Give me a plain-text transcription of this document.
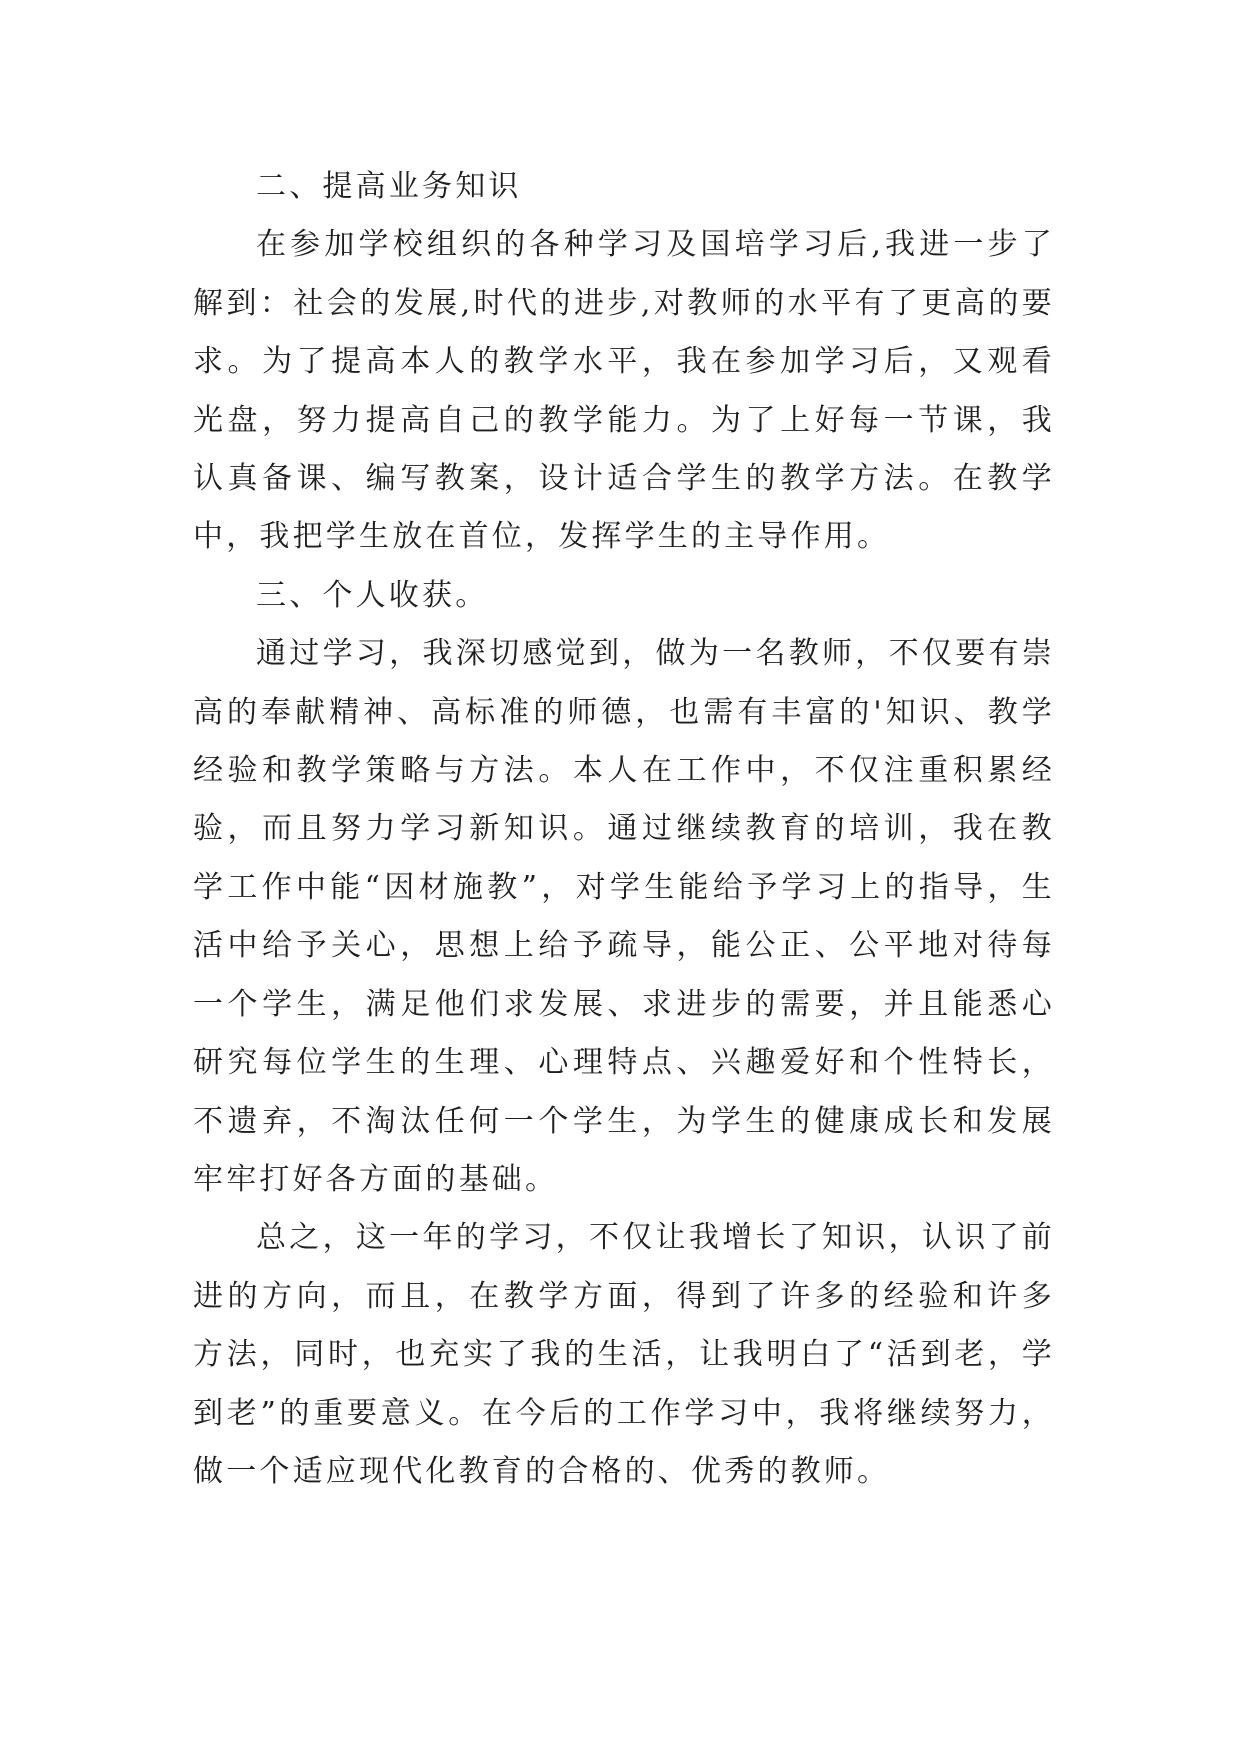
二、提高业务知识

在参加学校组织的各种学习及国培学习后,我进一步了解到：社会的发展,时代的进步,对教师的水平有了更高的要求。为了提高本人的教学水平，我在参加学习后，又观看光盘，努力提高自己的教学能力。为了上好每一节课，我认真备课、编写教案，设计适合学生的教学方法。在教学中，我把学生放在首位，发挥学生的主导作用。

三、个人收获。

通过学习，我深切感觉到，做为一名教师，不仅要有崇高的奉献精神、高标准的师德，也需有丰富的'知识、教学经验和教学策略与方法。本人在工作中，不仅注重积累经验，而且努力学习新知识。通过继续教育的培训，我在教学工作中能“因材施教”，对学生能给予学习上的指导，生活中给予关心，思想上给予疏导，能公正、公平地对待每一个学生，满足他们求发展、求进步的需要，并且能悉心研究每位学生的生理、心理特点、兴趣爱好和个性特长，不遗弃，不淘汰任何一个学生，为学生的健康成长和发展牢牢打好各方面的基础。

总之，这一年的学习，不仅让我增长了知识，认识了前进的方向，而且，在教学方面，得到了许多的经验和许多方法，同时，也充实了我的生活，让我明白了“活到老，学到老”的重要意义。在今后的工作学习中，我将继续努力，做一个适应现代化教育的合格的、优秀的教师。
